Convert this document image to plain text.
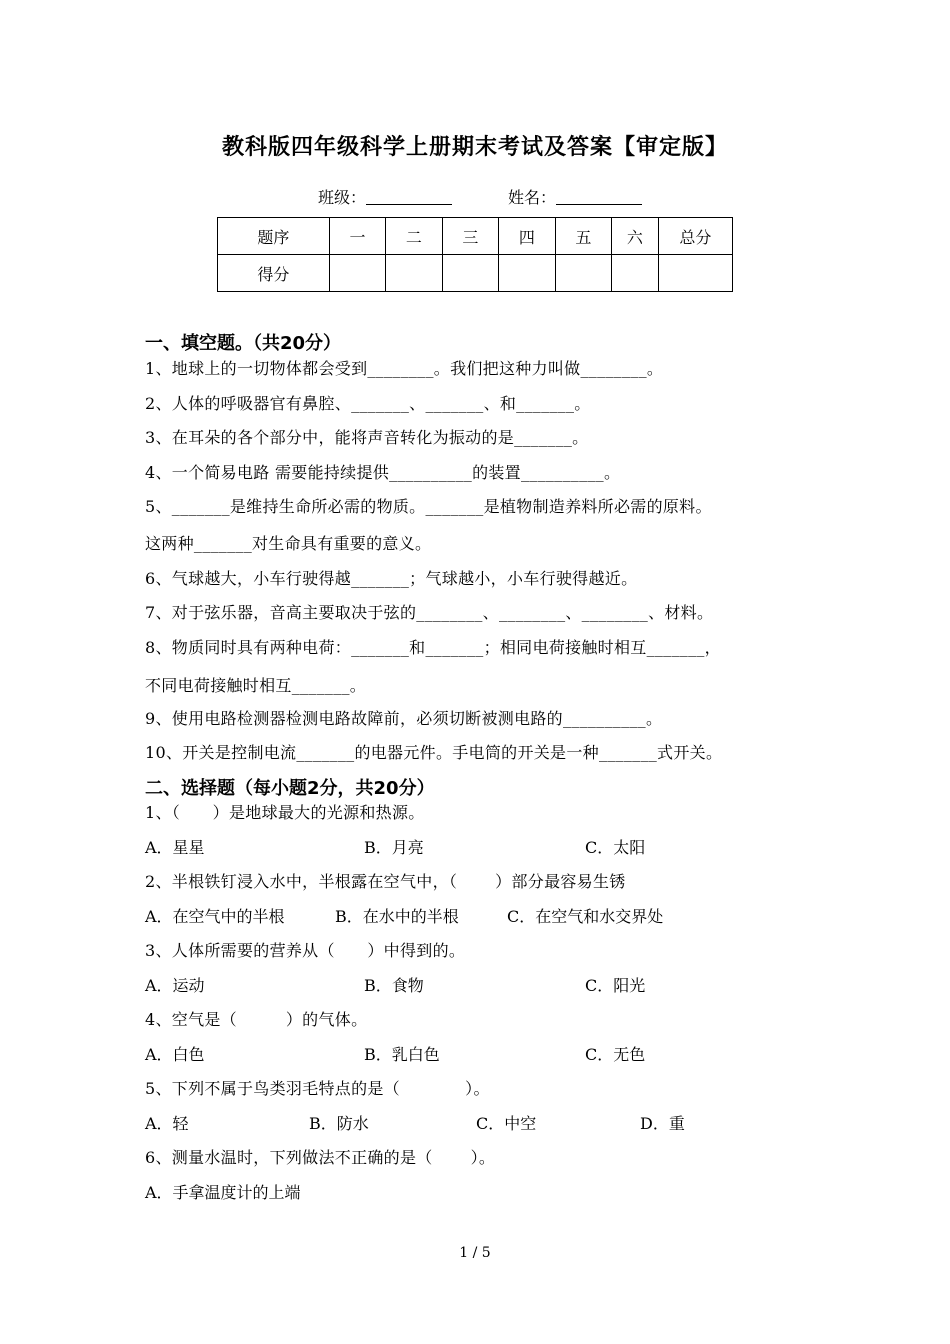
教科版四年级科学上册期末考试及答案【审定版】
班级：	姓名：
题序	一	二	三	四	五	六	总分
得分							
一、填空题。（共20分）
1、地球上的一切物体都会受到________。我们把这种力叫做________。
2、人体的呼吸器官有鼻腔、_______、_______、和_______。
3、在耳朵的各个部分中，能将声音转化为振动的是_______。
4、一个简易电路 需要能持续提供__________的装置__________。
5、_______是维持生命所必需的物质。_______是植物制造养料所必需的原料。
这两种_______对生命具有重要的意义。
6、气球越大，小车行驶得越_______；气球越小，小车行驶得越近。
7、对于弦乐器，音高主要取决于弦的________、________、________、材料。
8、物质同时具有两种电荷：_______和_______；相同电荷接触时相互_______，
不同电荷接触时相互_______。
9、使用电路检测器检测电路故障前，必须切断被测电路的__________。
10、开关是控制电流_______的电器元件。手电筒的开关是一种_______式开关。
二、选择题（每小题2分，共20分）
1、（　　）是地球最大的光源和热源。
A．星星	B．月亮	C．太阳
2、半根铁钉浸入水中，半根露在空气中，（　　 ）部分最容易生锈
A．在空气中的半根	B．在水中的半根	C．在空气和水交界处
3、人体所需要的营养从（　　）中得到的。
A．运动	B．食物	C．阳光
4、空气是（　　　）的气体。
A．白色	B．乳白色	C．无色
5、下列不属于鸟类羽毛特点的是（　　　　）。
A．轻	B．防水	C．中空	D．重
6、测量水温时，下列做法不正确的是（　　 ）。
A．手拿温度计的上端
1 / 5
